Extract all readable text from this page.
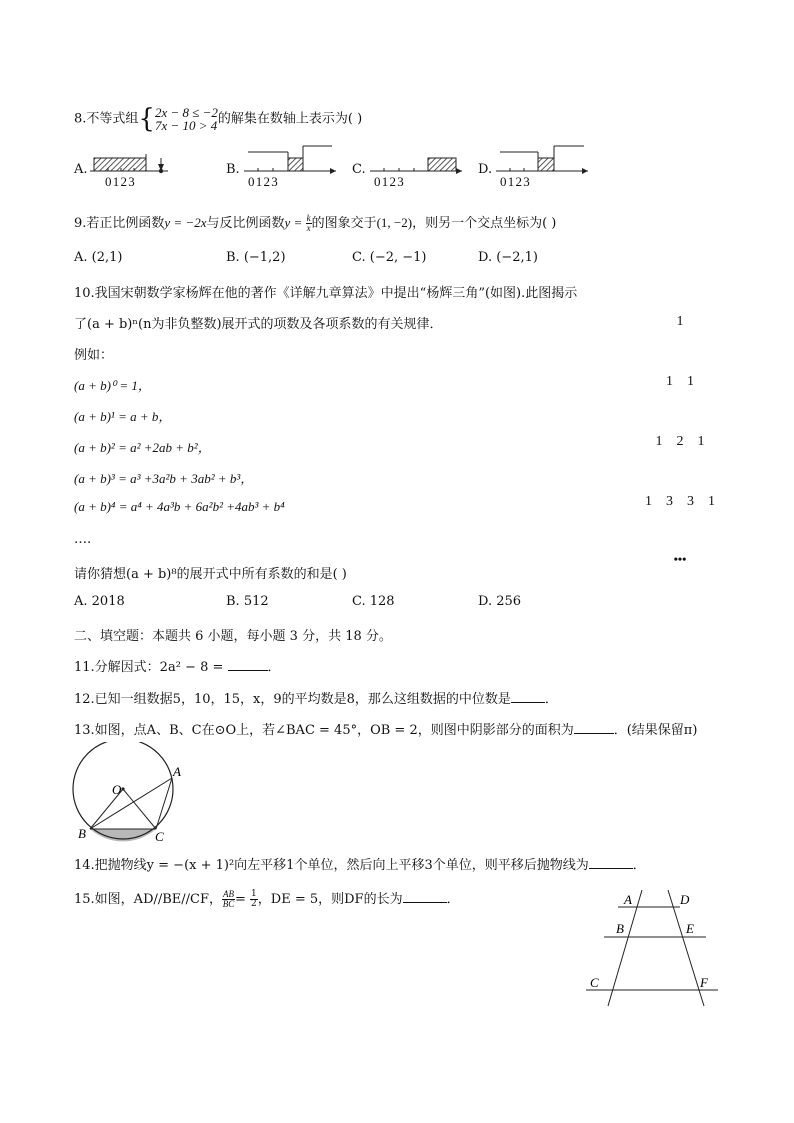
8.不等式组{ 2x − 8 ≤ −2
7x − 10 > 4 的解集在数轴上表示为( )
A.
0 1 2 3
B.
0 1 2 3
C.
0 1 2 3
D.
0 1 2 3
9.若正比例函数y = −2x与反比例函数$y = \frac{k}{x}$ 的图象交于(1, −2)，则另一个交点坐标为( )
A. (2,1)	B. (−1,2)	C. (−2, −1)	D. (−2,1)
10.我国宋朝数学家杨辉在他的著作《详解九章算法》中提出“杨辉三角”(如图).此图揭示
了(a + b)ⁿ(n为非负整数)展开式的项数及各项系数的有关规律．
例如：
(a + b)⁰ = 1，
(a + b)¹ = a + b，
(a + b)² = a² +2ab + b²，
(a + b)³ = a³ +3a²b + 3ab² + b³，
(a + b)⁴ = a⁴ + 4a³b + 6a²b² +4ab³ + b⁴
….
请你猜想(a + b)⁸的展开式中所有系数的和是( )
A. 2018	B. 512	C. 128	D. 256

1

1    1

1    2    1

1    3    3    1

•••

二、填空题：本题共 6 小题，每小题 3 分，共 18 分。
11.分解因式：2a² − 8 =	．
12.已知一组数据5，10，15，x，9的平均数是8，那么这组数据的中位数是	．
13.如图，点A、B、C在⊙O上，若∠BAC = 45°，OB = 2，则图中阴影部分的面积为	．(结果保留π)
O
A
B	C
14.把抛物线y = −(x + 1)²向左平移1个单位，然后向上平移3个单位，则平移后抛物线为	．
15.如图，AD//BE//CF， $\frac{AB}{BC} = \frac{1}{2}$ ，DE = 5，则DF的长为	．	A	D
B	E
C	F
